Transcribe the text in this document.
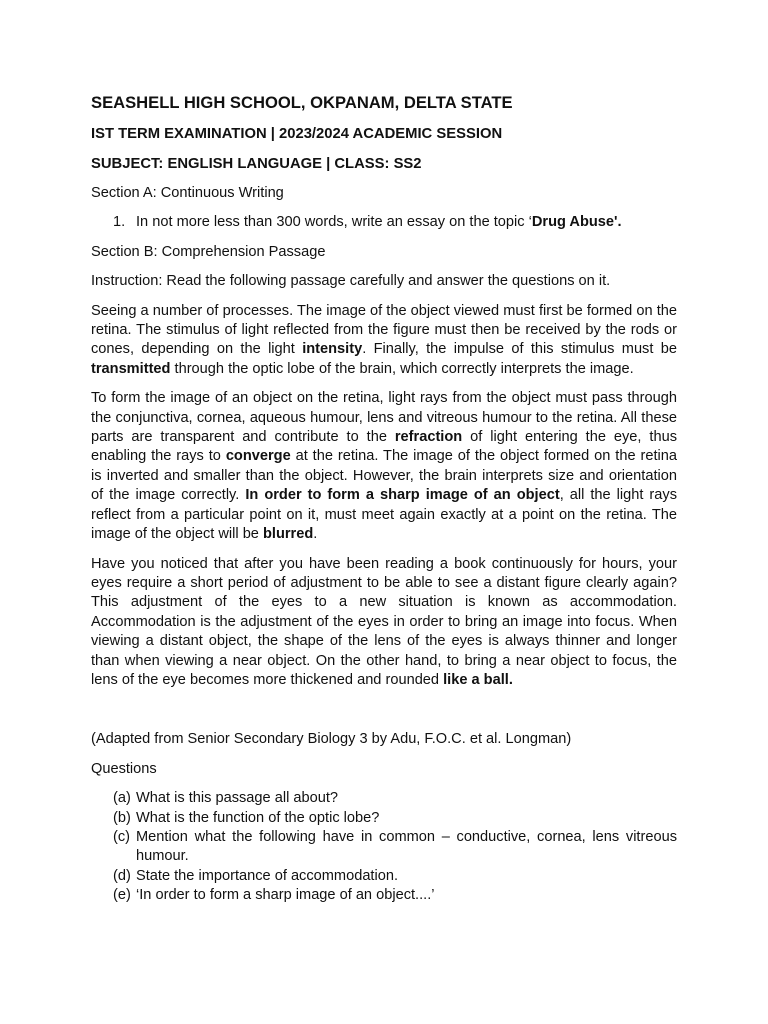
SEASHELL HIGH SCHOOL, OKPANAM, DELTA STATE
IST TERM EXAMINATION | 2023/2024 ACADEMIC SESSION
SUBJECT: ENGLISH LANGUAGE | CLASS: SS2

Section A: Continuous Writing

1. In not more less than 300 words, write an essay on the topic ‘Drug Abuse'.

Section B: Comprehension Passage

Instruction: Read the following passage carefully and answer the questions on it.

Seeing a number of processes. The image of the object viewed must first be formed on the retina. The stimulus of light reflected from the figure must then be received by the rods or cones, depending on the light intensity. Finally, the impulse of this stimulus must be transmitted through the optic lobe of the brain, which correctly interprets the image.

To form the image of an object on the retina, light rays from the object must pass through the conjunctiva, cornea, aqueous humour, lens and vitreous humour to the retina. All these parts are transparent and contribute to the refraction of light entering the eye, thus enabling the rays to converge at the retina. The image of the object formed on the retina is inverted and smaller than the object. However, the brain interprets size and orientation of the image correctly. In order to form a sharp image of an object, all the light rays reflect from a particular point on it, must meet again exactly at a point on the retina. The image of the object will be blurred.

Have you noticed that after you have been reading a book continuously for hours, your eyes require a short period of adjustment to be able to see a distant figure clearly again? This adjustment of the eyes to a new situation is known as accommodation. Accommodation is the adjustment of the eyes in order to bring an image into focus. When viewing a distant object, the shape of the lens of the eyes is always thinner and longer than when viewing a near object. On the other hand, to bring a near object to focus, the lens of the eye becomes more thickened and rounded like a ball.

(Adapted from Senior Secondary Biology 3 by Adu, F.O.C. et al. Longman)

Questions

(a) What is this passage all about?
(b) What is the function of the optic lobe?
(c) Mention what the following have in common – conductive, cornea, lens vitreous humour.
(d) State the importance of accommodation.
(e) ‘In order to form a sharp image of an object....’
